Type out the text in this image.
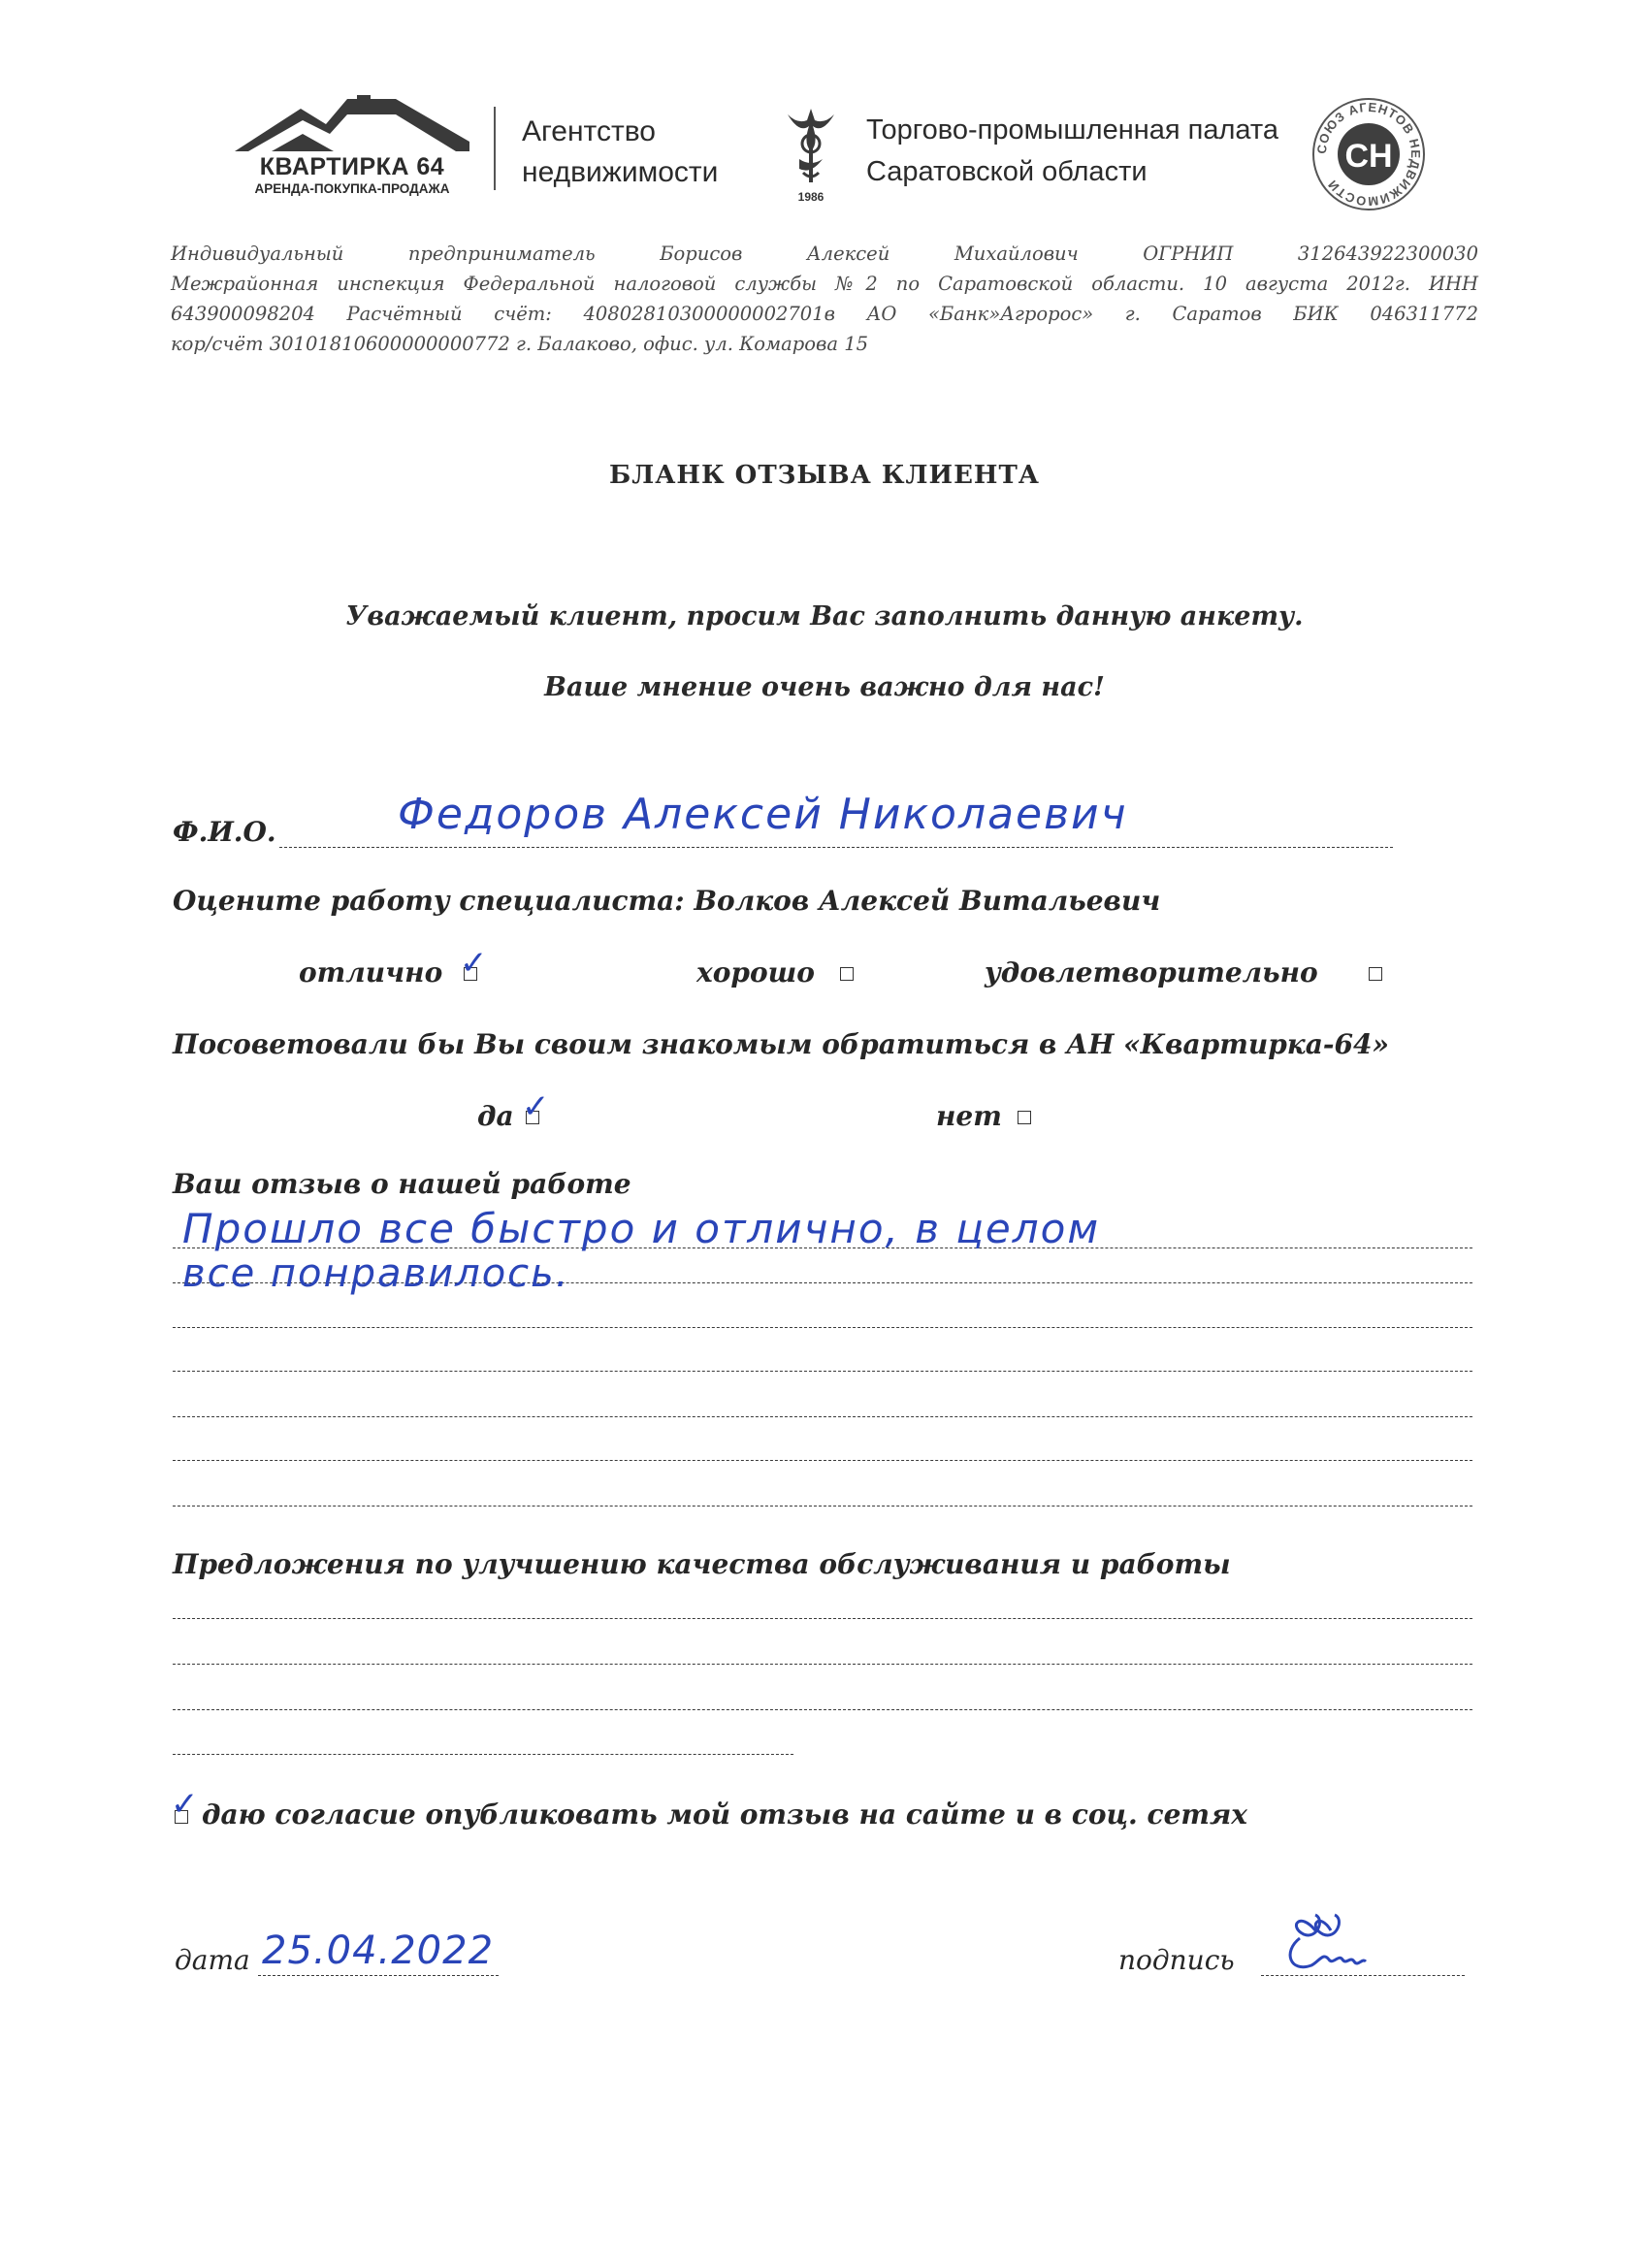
КВАРТИРКА 64
АРЕНДА-ПОКУПКА-ПРОДАЖА
Агентство
недвижимости
1986
Торгово-промышленная палата
Саратовской области
СОЮЗ АГЕНТОВ НЕДВИЖИМОСТИ
СН
Индивидуальный предприниматель Борисов Алексей Михайлович ОГРНИП 312643922300030
Межрайонная инспекция Федеральной налоговой службы №2 по Саратовской области. 10 августа 2012г. ИНН
643900098204 Расчётный счёт: 40802810300000002701в АО «Банк»Агророс» г. Саратов БИК 046311772
кор/счёт 30101810600000000772 г. Балаково, офис. ул. Комарова 15
БЛАНК ОТЗЫВА КЛИЕНТА
Уважаемый клиент, просим Вас заполнить данную анкету.
Ваше мнение очень важно для нас!
Ф.И.О.	Федоров Алексей Николаевич
Оцените работу специалиста: Волков Алексей Витальевич
отлично ✓	хорошо	удовлетворительно
Посоветовали бы Вы своим знакомым обратиться в АН «Квартирка-64»
да ✓	нет
Ваш отзыв о нашей работе
Прошло все быстро и отлично, в целом
все понравилось.
Предложения по улучшению качества обслуживания и работы
✓ даю согласие опубликовать мой отзыв на сайте и в соц. сетях
дата 25.04.2022	подпись
